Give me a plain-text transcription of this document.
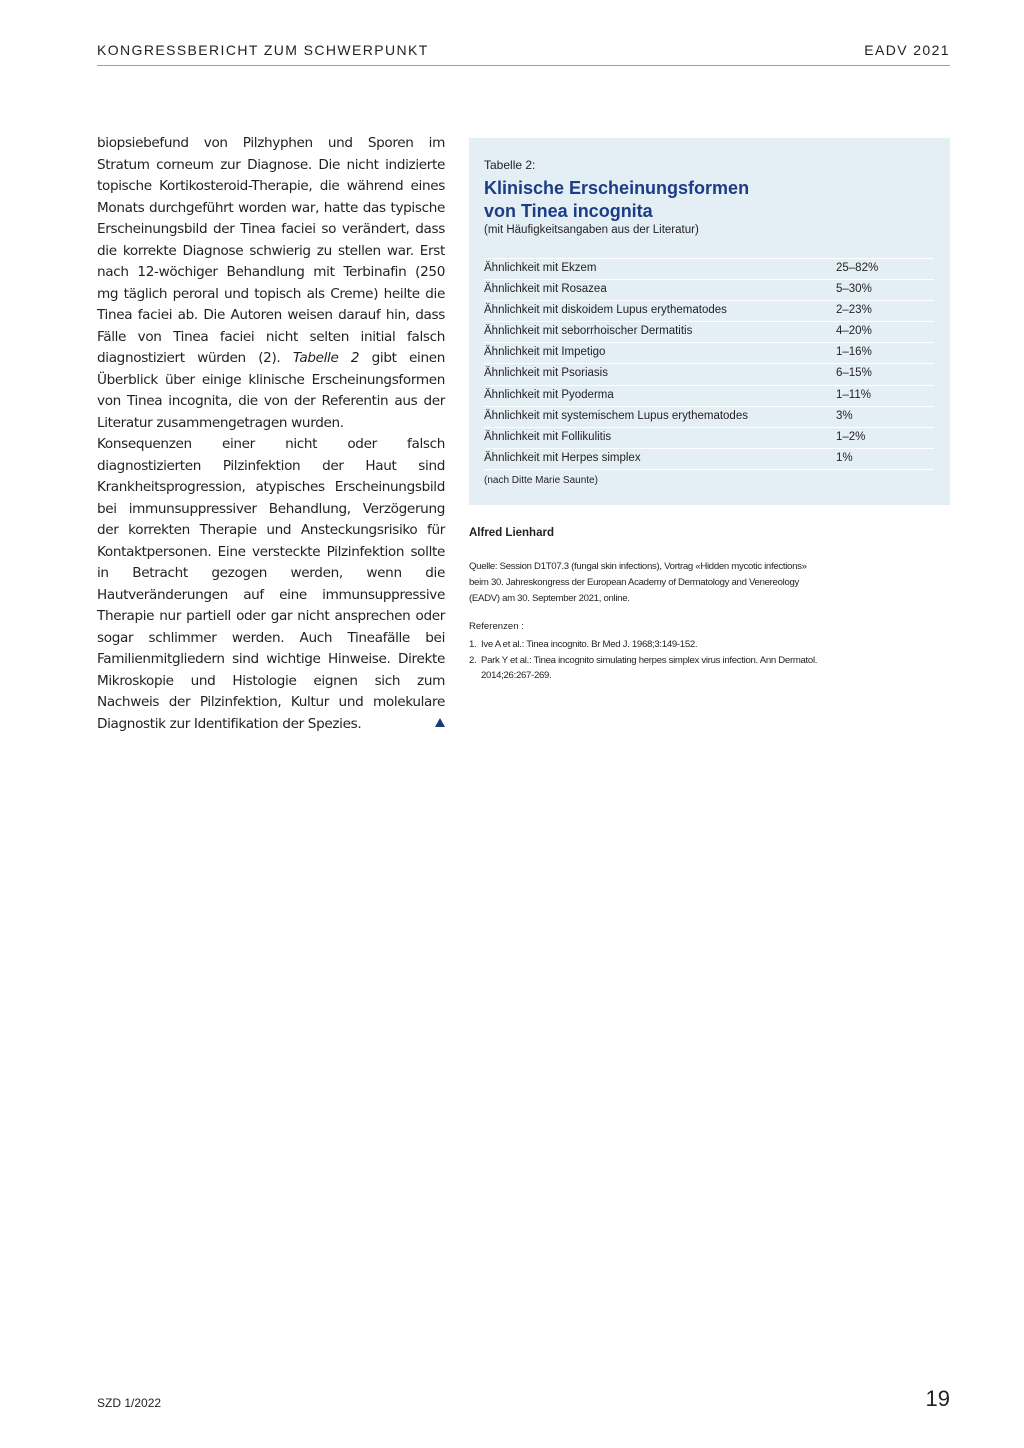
KONGRESSBERICHT ZUM SCHWERPUNKT	EADV 2021

biopsiebefund von Pilzhyphen und Sporen im Stratum corneum zur Diagnose. Die nicht indizierte topische Kortikosteroid-Therapie, die während eines Monats durchgeführt worden war, hatte das typische Erscheinungsbild der Tinea faciei so verändert, dass die korrekte Diagnose schwierig zu stellen war. Erst nach 12-wöchiger Behandlung mit Terbinafin (250 mg täglich peroral und topisch als Creme) heilte die Tinea faciei ab. Die Autoren weisen darauf hin, dass Fälle von Tinea faciei nicht selten initial falsch diagnostiziert würden (2). Tabelle 2 gibt einen Überblick über einige klinische Erscheinungsformen von Tinea incognita, die von der Referentin aus der Literatur zusammengetragen wurden.

Konsequenzen einer nicht oder falsch diagnostizierten Pilzinfektion der Haut sind Krankheitsprogression, atypisches Erscheinungsbild bei immunsuppressiver Behandlung, Verzögerung der korrekten Therapie und Ansteckungsrisiko für Kontaktpersonen. Eine versteckte Pilzinfektion sollte in Betracht gezogen werden, wenn die Hautveränderungen auf eine immunsuppressive Therapie nur partiell oder gar nicht ansprechen oder sogar schlimmer werden. Auch Tineafälle bei Familienmitgliedern sind wichtige Hinweise. Direkte Mikroskopie und Histologie eignen sich zum Nachweis der Pilzinfektion, Kultur und molekulare Diagnostik zur Identifikation der Spezies.

Tabelle 2:
Klinische Erscheinungsformen von Tinea incognita
(mit Häufigkeitsangaben aus der Literatur)
Ähnlichkeit mit Ekzem	25–82%
Ähnlichkeit mit Rosazea	5–30%
Ähnlichkeit mit diskoidem Lupus erythematodes	2–23%
Ähnlichkeit mit seborrhoischer Dermatitis	4–20%
Ähnlichkeit mit Impetigo	1–16%
Ähnlichkeit mit Psoriasis	6–15%
Ähnlichkeit mit Pyoderma	1–11%
Ähnlichkeit mit systemischem Lupus erythematodes	3%
Ähnlichkeit mit Follikulitis	1–2%
Ähnlichkeit mit Herpes simplex	1%
(nach Ditte Marie Saunte)
Alfred Lienhard
Quelle: Session D1T07.3 (fungal skin infections), Vortrag «Hidden mycotic infections» beim 30. Jahreskongress der European Academy of Dermatology and Venereology (EADV) am 30. September 2021, online.
Referenzen :
1. Ive A et al.: Tinea incognito. Br Med J. 1968;3:149-152.
2. Park Y et al.: Tinea incognito simulating herpes simplex virus infection. Ann Dermatol. 2014;26:267-269.
SZD 1/2022	19
